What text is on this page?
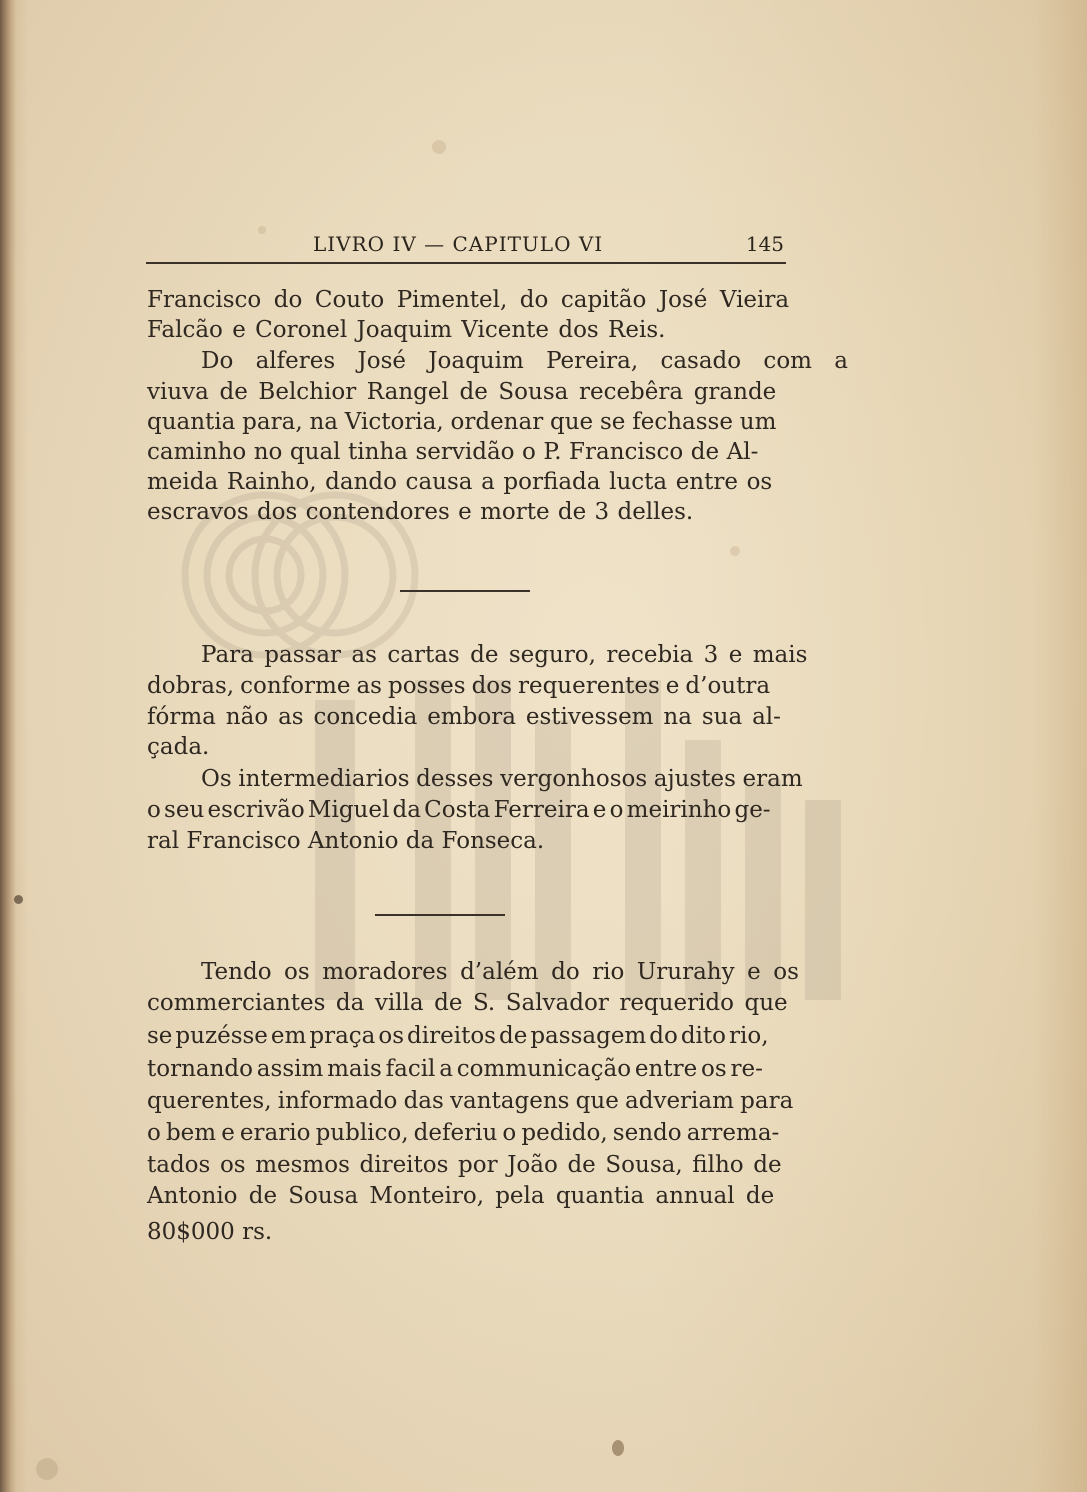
LIVRO IV — CAPITULO VI	145
Francisco do Couto Pimentel, do capitão José Vieira
Falcão e Coronel Joaquim Vicente dos Reis.
Do alferes José Joaquim Pereira, casado com a
viuva de Belchior Rangel de Sousa recebêra grande
quantia para, na Victoria, ordenar que se fechasse um
caminho no qual tinha servidão o P. Francisco de Al-
meida Rainho, dando causa a porfiada lucta entre os
escravos dos contendores e morte de 3 delles.
Para passar as cartas de seguro, recebia 3 e mais
dobras, conforme as posses dos requerentes e d’outra
fórma não as concedia embora estivessem na sua al-
çada.
Os intermediarios desses vergonhosos ajustes eram
o seu escrivão Miguel da Costa Ferreira e o meirinho ge-
ral Francisco Antonio da Fonseca.
Tendo os moradores d’além do rio Ururahy e os
commerciantes da villa de S. Salvador requerido que
se puzésse em praça os direitos de passagem do dito rio,
tornando assim mais facil a communicação entre os re-
querentes, informado das vantagens que adveriam para
o bem e erario publico, deferiu o pedido, sendo arrema-
tados os mesmos direitos por João de Sousa, filho de
Antonio de Sousa Monteiro, pela quantia annual de
80$000 rs.
